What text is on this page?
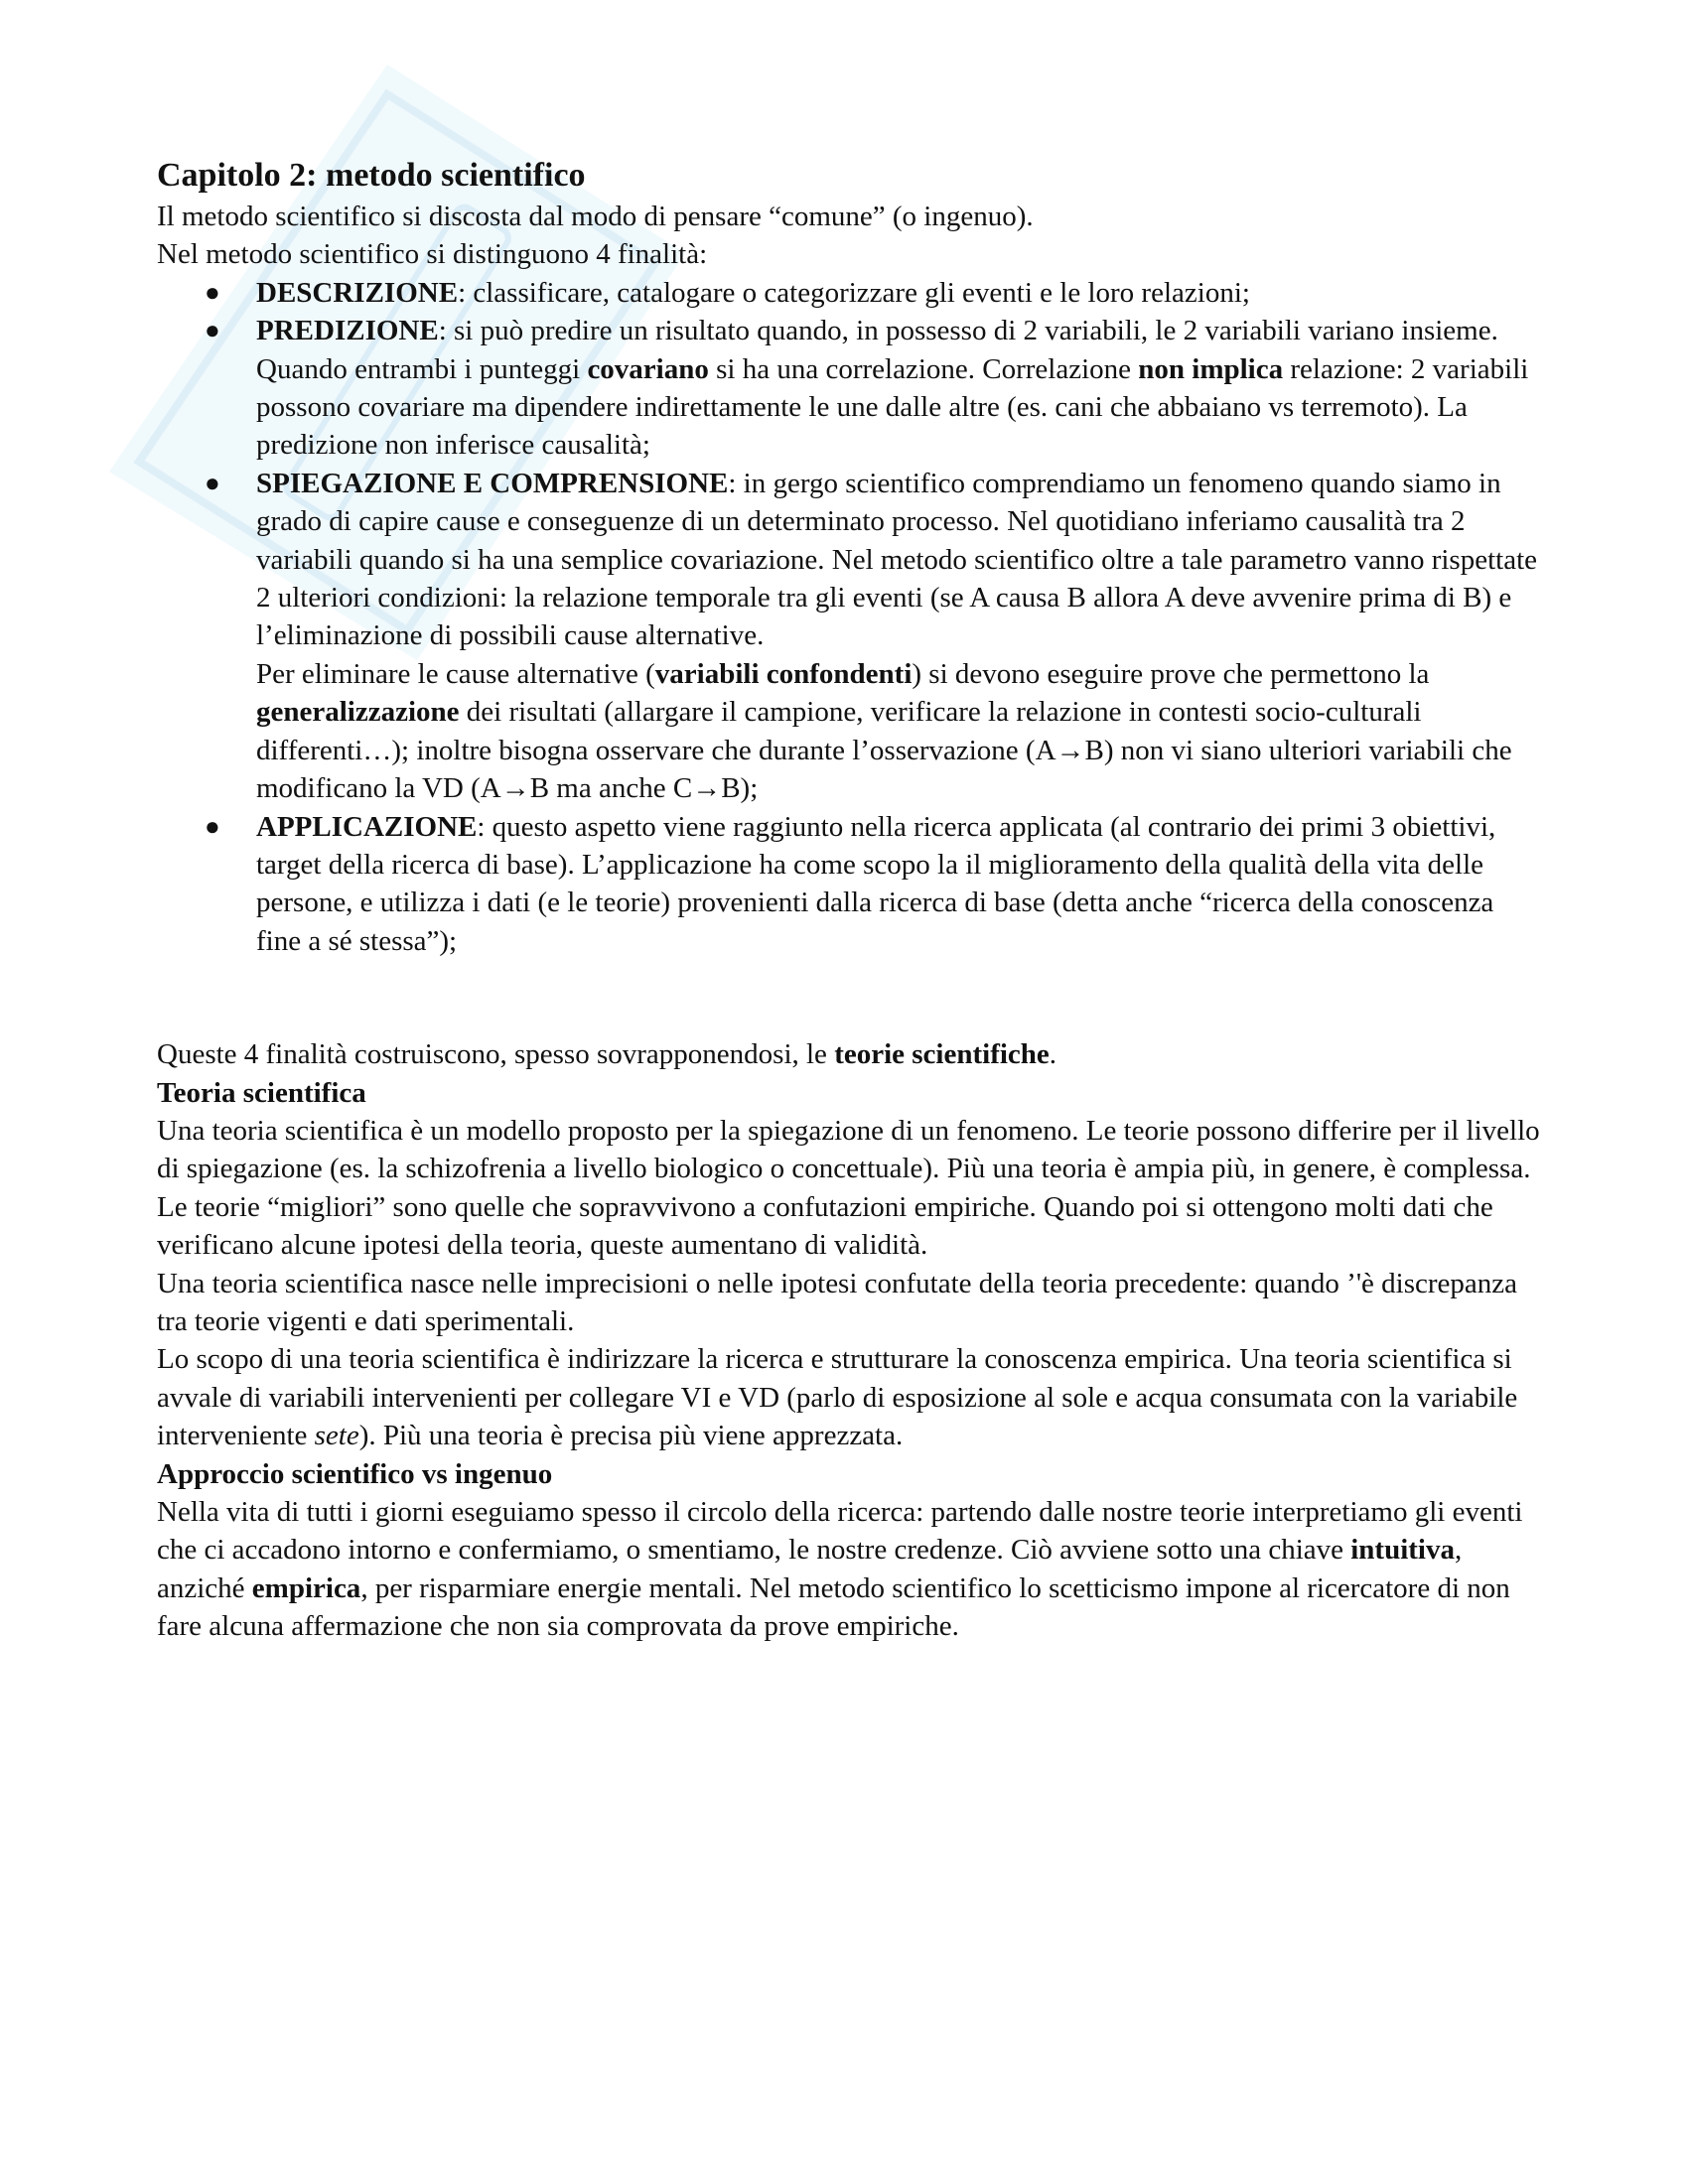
Capitolo 2: metodo scientifico

Il metodo scientifico si discosta dal modo di pensare “comune” (o ingenuo).

Nel metodo scientifico si distinguono 4 finalità:

● DESCRIZIONE: classificare, catalogare o categorizzare gli eventi e le loro relazioni;
● PREDIZIONE: si può predire un risultato quando, in possesso di 2 variabili, le 2 variabili variano insieme. Quando entrambi i punteggi covariano si ha una correlazione. Correlazione non implica relazione: 2 variabili possono covariare ma dipendere indirettamente le une dalle altre (es. cani che abbaiano vs terremoto). La predizione non inferisce causalità;
● SPIEGAZIONE E COMPRENSIONE: in gergo scientifico comprendiamo un fenomeno quando siamo in grado di capire cause e conseguenze di un determinato processo. Nel quotidiano inferiamo causalità tra 2 variabili quando si ha una semplice covariazione. Nel metodo scientifico oltre a tale parametro vanno rispettate 2 ulteriori condizioni: la relazione temporale tra gli eventi (se A causa B allora A deve avvenire prima di B) e l’eliminazione di possibili cause alternative.

Per eliminare le cause alternative (variabili confondenti) si devono eseguire prove che permettono la generalizzazione dei risultati (allargare il campione, verificare la relazione in contesti socio-culturali differenti…); inoltre bisogna osservare che durante l’osservazione (A→B) non vi siano ulteriori variabili che modificano la VD (A→B ma anche C→B);

● APPLICAZIONE: questo aspetto viene raggiunto nella ricerca applicata (al contrario dei primi 3 obiettivi, target della ricerca di base). L’applicazione ha come scopo la il miglioramento della qualità della vita delle persone, e utilizza i dati (e le teorie) provenienti dalla ricerca di base (detta anche “ricerca della conoscenza fine a sé stessa”);

Queste 4 finalità costruiscono, spesso sovrapponendosi, le teorie scientifiche.

Teoria scientifica

Una teoria scientifica è un modello proposto per la spiegazione di un fenomeno. Le teorie possono differire per il livello di spiegazione (es. la schizofrenia a livello biologico o concettuale). Più una teoria è ampia più, in genere, è complessa. Le teorie “migliori” sono quelle che sopravvivono a confutazioni empiriche. Quando poi si ottengono molti dati che verificano alcune ipotesi della teoria, queste aumentano di validità.

Una teoria scientifica nasce nelle imprecisioni o nelle ipotesi confutate della teoria precedente: quando ’'è discrepanza tra teorie vigenti e dati sperimentali.

Lo scopo di una teoria scientifica è indirizzare la ricerca e strutturare la conoscenza empirica. Una teoria scientifica si avvale di variabili intervenienti per collegare VI e VD (parlo di esposizione al sole e acqua consumata con la variabile interveniente sete). Più una teoria è precisa più viene apprezzata.

Approccio scientifico vs ingenuo

Nella vita di tutti i giorni eseguiamo spesso il circolo della ricerca: partendo dalle nostre teorie interpretiamo gli eventi che ci accadono intorno e confermiamo, o smentiamo, le nostre credenze. Ciò avviene sotto una chiave intuitiva, anziché empirica, per risparmiare energie mentali. Nel metodo scientifico lo scetticismo impone al ricercatore di non fare alcuna affermazione che non sia comprovata da prove empiriche.
